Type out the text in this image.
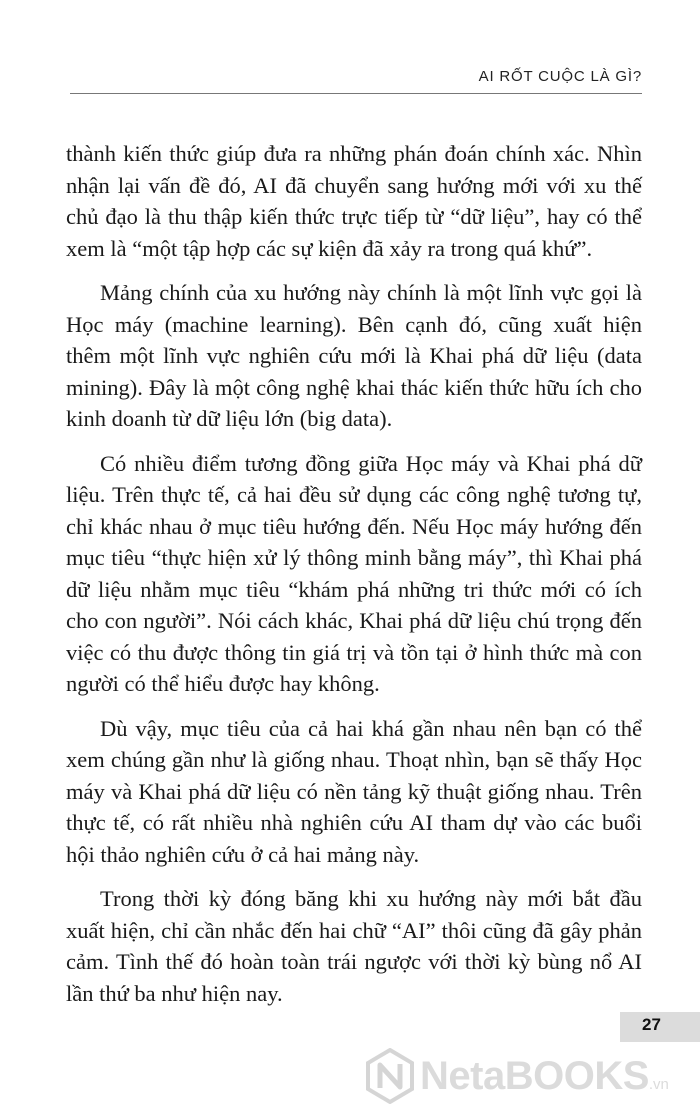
AI RỐT CUỘC LÀ GÌ?

thành kiến thức giúp đưa ra những phán đoán chính xác. Nhìn nhận lại vấn đề đó, AI đã chuyển sang hướng mới với xu thế chủ đạo là thu thập kiến thức trực tiếp từ “dữ liệu”, hay có thể xem là “một tập hợp các sự kiện đã xảy ra trong quá khứ”.

Mảng chính của xu hướng này chính là một lĩnh vực gọi là Học máy (machine learning). Bên cạnh đó, cũng xuất hiện thêm một lĩnh vực nghiên cứu mới là Khai phá dữ liệu (data mining). Đây là một công nghệ khai thác kiến thức hữu ích cho kinh doanh từ dữ liệu lớn (big data).

Có nhiều điểm tương đồng giữa Học máy và Khai phá dữ liệu. Trên thực tế, cả hai đều sử dụng các công nghệ tương tự, chỉ khác nhau ở mục tiêu hướng đến. Nếu Học máy hướng đến mục tiêu “thực hiện xử lý thông minh bằng máy”, thì Khai phá dữ liệu nhằm mục tiêu “khám phá những tri thức mới có ích cho con người”. Nói cách khác, Khai phá dữ liệu chú trọng đến việc có thu được thông tin giá trị và tồn tại ở hình thức mà con người có thể hiểu được hay không.

Dù vậy, mục tiêu của cả hai khá gần nhau nên bạn có thể xem chúng gần như là giống nhau. Thoạt nhìn, bạn sẽ thấy Học máy và Khai phá dữ liệu có nền tảng kỹ thuật giống nhau. Trên thực tế, có rất nhiều nhà nghiên cứu AI tham dự vào các buổi hội thảo nghiên cứu ở cả hai mảng này.

Trong thời kỳ đóng băng khi xu hướng này mới bắt đầu xuất hiện, chỉ cần nhắc đến hai chữ “AI” thôi cũng đã gây phản cảm. Tình thế đó hoàn toàn trái ngược với thời kỳ bùng nổ AI lần thứ ba như hiện nay.

27
NetaBOOKS.vn
